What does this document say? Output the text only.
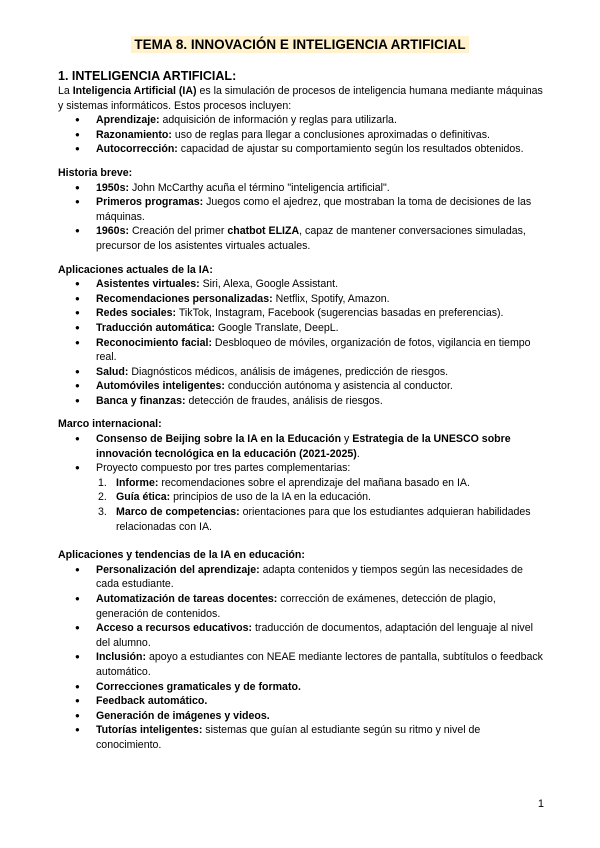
TEMA 8. INNOVACIÓN E INTELIGENCIA ARTIFICIAL

1. INTELIGENCIA ARTIFICIAL:

La Inteligencia Artificial (IA) es la simulación de procesos de inteligencia humana mediante máquinas y sistemas informáticos. Estos procesos incluyen:

● Aprendizaje: adquisición de información y reglas para utilizarla.
● Razonamiento: uso de reglas para llegar a conclusiones aproximadas o definitivas.
● Autocorrección: capacidad de ajustar su comportamiento según los resultados obtenidos.

Historia breve:

● 1950s: John McCarthy acuña el término "inteligencia artificial".
● Primeros programas: Juegos como el ajedrez, que mostraban la toma de decisiones de las máquinas.
● 1960s: Creación del primer chatbot ELIZA, capaz de mantener conversaciones simuladas, precursor de los asistentes virtuales actuales.

Aplicaciones actuales de la IA:

● Asistentes virtuales: Siri, Alexa, Google Assistant.
● Recomendaciones personalizadas: Netflix, Spotify, Amazon.
● Redes sociales: TikTok, Instagram, Facebook (sugerencias basadas en preferencias).
● Traducción automática: Google Translate, DeepL.
● Reconocimiento facial: Desbloqueo de móviles, organización de fotos, vigilancia en tiempo real.
● Salud: Diagnósticos médicos, análisis de imágenes, predicción de riesgos.
● Automóviles inteligentes: conducción autónoma y asistencia al conductor.
● Banca y finanzas: detección de fraudes, análisis de riesgos.

Marco internacional:

● Consenso de Beijing sobre la IA en la Educación y Estrategia de la UNESCO sobre innovación tecnológica en la educación (2021-2025).
● Proyecto compuesto por tres partes complementarias:
1. Informe: recomendaciones sobre el aprendizaje del mañana basado en IA.
2. Guía ética: principios de uso de la IA en la educación.
3. Marco de competencias: orientaciones para que los estudiantes adquieran habilidades relacionadas con IA.

Aplicaciones y tendencias de la IA en educación:

● Personalización del aprendizaje: adapta contenidos y tiempos según las necesidades de cada estudiante.
● Automatización de tareas docentes: corrección de exámenes, detección de plagio, generación de contenidos.
● Acceso a recursos educativos: traducción de documentos, adaptación del lenguaje al nivel del alumno.
● Inclusión: apoyo a estudiantes con NEAE mediante lectores de pantalla, subtítulos o feedback automático.
● Correcciones gramaticales y de formato.
● Feedback automático.
● Generación de imágenes y videos.
● Tutorías inteligentes: sistemas que guían al estudiante según su ritmo y nivel de conocimiento.
1
